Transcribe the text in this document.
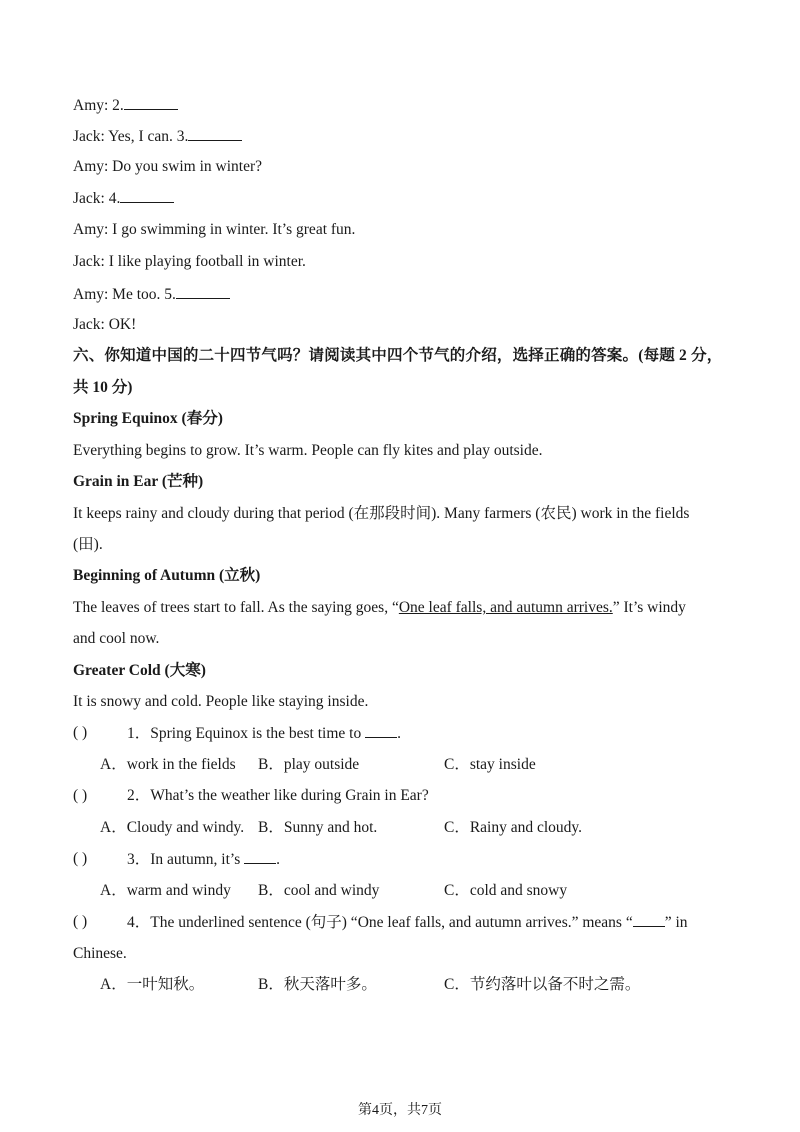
Amy: 2.
Jack: Yes, I can. 3.
Amy: Do you swim in winter?
Jack: 4.
Amy: I go swimming in winter. It’s great fun.
Jack: I like playing football in winter.
Amy: Me too. 5.
Jack: OK!
六、你知道中国的二十四节气吗？请阅读其中四个节气的介绍，选择正确的答案。(每题 2 分，
共 10 分)
Spring Equinox (春分)
Everything begins to grow. It’s warm. People can fly kites and play outside.
Grain in Ear (芒种)
It keeps rainy and cloudy during that period (在那段时间). Many farmers (农民) work in the fields
(田).
Beginning of Autumn (立秋)
The leaves of trees start to fall. As the saying goes, “One leaf falls, and autumn arrives.” It’s windy
and cool now.
Greater Cold (大寒)
It is snowy and cold. People like staying inside.
( )	1．Spring Equinox is the best time to .
A．work in the fields B．play outside	C．stay inside
( )	2．What’s the weather like during Grain in Ear?
A．Cloudy and windy. B．Sunny and hot.	C．Rainy and cloudy.
( )	3．In autumn, it’s .
A．warm and windy B．cool and windy	C．cold and snowy
( )	4．The underlined sentence (句子) “One leaf falls, and autumn arrives.” means “ ” in
Chinese.
A．一叶知秋。	B．秋天落叶多。	C．节约落叶以备不时之需。
第4页，共7页
